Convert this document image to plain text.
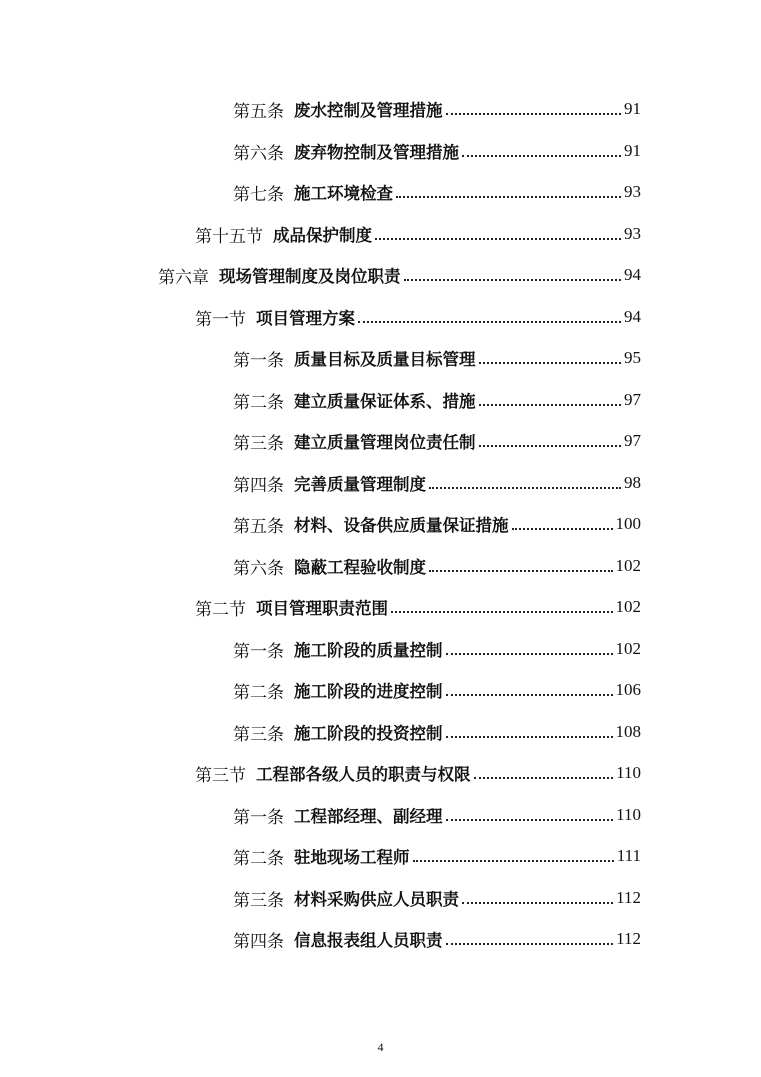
第五条 废水控制及管理措施	91
第六条 废弃物控制及管理措施	91
第七条 施工环境检查	93
第十五节 成品保护制度	93
第六章 现场管理制度及岗位职责	94
第一节 项目管理方案	94
第一条 质量目标及质量目标管理	95
第二条 建立质量保证体系、措施	97
第三条 建立质量管理岗位责任制	97
第四条 完善质量管理制度	98
第五条 材料、设备供应质量保证措施	100
第六条 隐蔽工程验收制度	102
第二节 项目管理职责范围	102
第一条 施工阶段的质量控制	102
第二条 施工阶段的进度控制	106
第三条 施工阶段的投资控制	108
第三节 工程部各级人员的职责与权限	110
第一条 工程部经理、副经理	110
第二条 驻地现场工程师	111
第三条 材料采购供应人员职责	112
第四条 信息报表组人员职责	112
4
